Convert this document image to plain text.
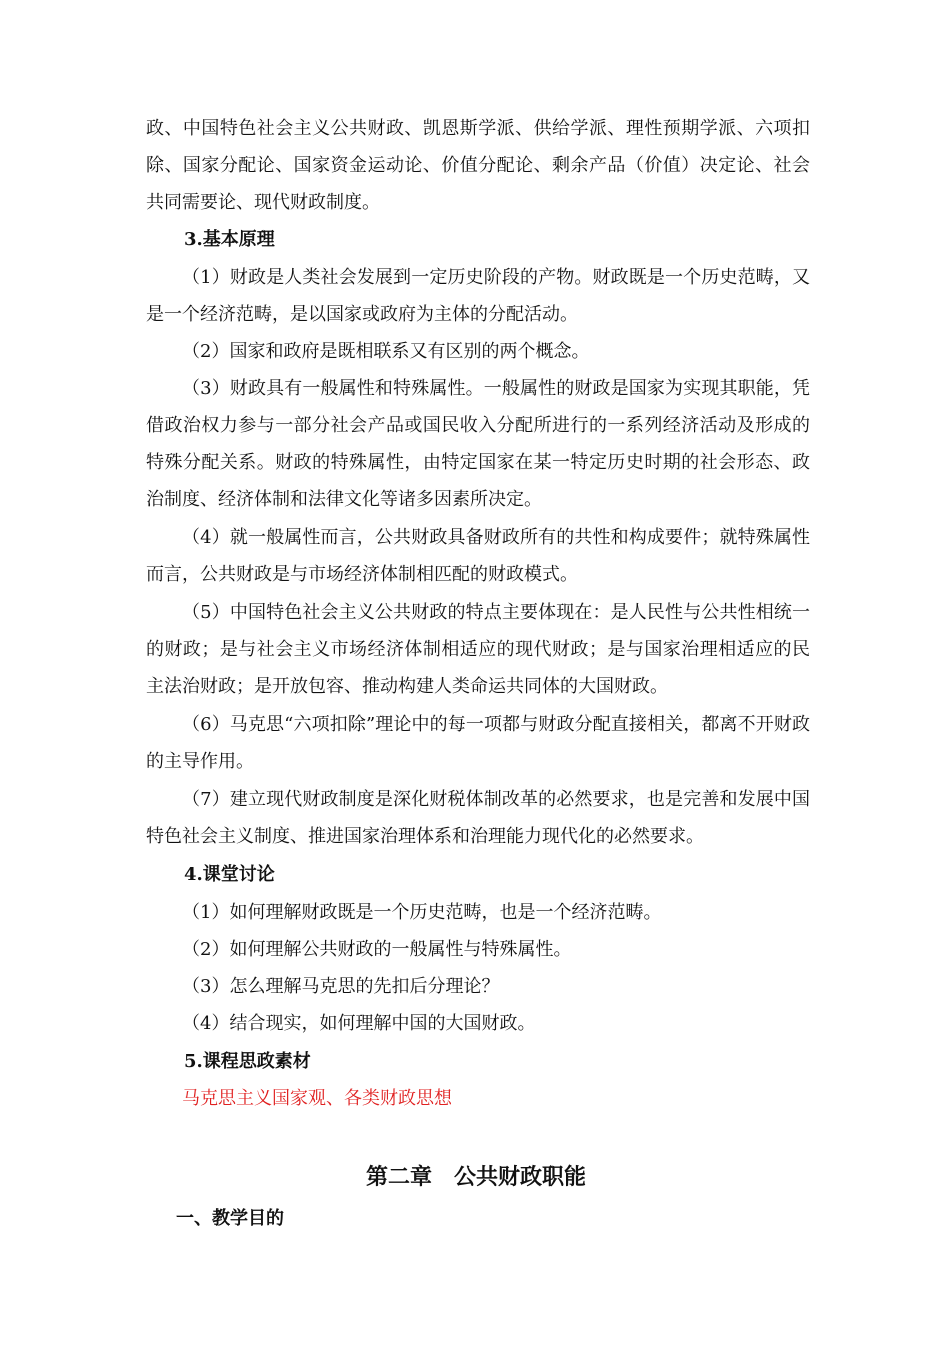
政、中国特色社会主义公共财政、凯恩斯学派、供给学派、理性预期学派、六项扣除、国家分配论、国家资金运动论、价值分配论、剩余产品（价值）决定论、社会共同需要论、现代财政制度。

3.基本原理

（1）财政是人类社会发展到一定历史阶段的产物。财政既是一个历史范畴，又是一个经济范畴，是以国家或政府为主体的分配活动。

（2）国家和政府是既相联系又有区别的两个概念。

（3）财政具有一般属性和特殊属性。一般属性的财政是国家为实现其职能，凭借政治权力参与一部分社会产品或国民收入分配所进行的一系列经济活动及形成的特殊分配关系。财政的特殊属性，由特定国家在某一特定历史时期的社会形态、政治制度、经济体制和法律文化等诸多因素所决定。

（4）就一般属性而言，公共财政具备财政所有的共性和构成要件；就特殊属性而言，公共财政是与市场经济体制相匹配的财政模式。

（5）中国特色社会主义公共财政的特点主要体现在：是人民性与公共性相统一的财政；是与社会主义市场经济体制相适应的现代财政；是与国家治理相适应的民主法治财政；是开放包容、推动构建人类命运共同体的大国财政。

（6）马克思“六项扣除”理论中的每一项都与财政分配直接相关，都离不开财政的主导作用。

（7）建立现代财政制度是深化财税体制改革的必然要求，也是完善和发展中国特色社会主义制度、推进国家治理体系和治理能力现代化的必然要求。

4.课堂讨论

（1）如何理解财政既是一个历史范畴，也是一个经济范畴。

（2）如何理解公共财政的一般属性与特殊属性。

（3）怎么理解马克思的先扣后分理论？

（4）结合现实，如何理解中国的大国财政。

5.课程思政素材

马克思主义国家观、各类财政思想

第二章　公共财政职能

一、教学目的
